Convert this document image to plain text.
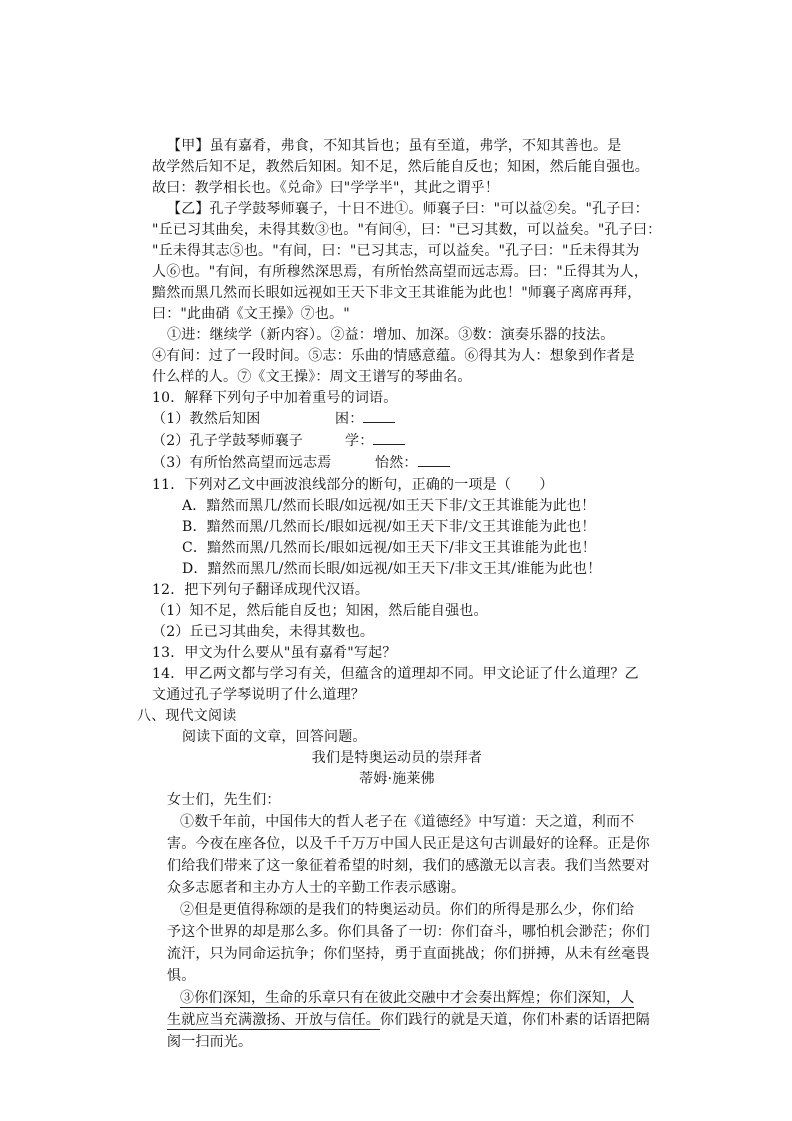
【甲】虽有嘉肴，弗食，不知其旨也；虽有至道，弗学，不知其善也。是
故学然后知不足，教然后知困。知不足，然后能自反也；知困，然后能自强也。
故曰：教学相长也。《兑命》曰"学学半"，其此之谓乎！
【乙】孔子学鼓琴师襄子，十日不进①。师襄子曰："可以益②矣。"孔子曰：
"丘已习其曲矣，未得其数③也。"有间④，曰："已习其数，可以益矣。"孔子曰：
"丘未得其志⑤也。"有间，曰："已习其志，可以益矣。"孔子曰："丘未得其为
人⑥也。"有间，有所穆然深思焉，有所怡然高望而远志焉。曰："丘得其为人，
黯然而黑几然而长眼如远视如王天下非文王其谁能为此也！"师襄子离席再拜，
曰："此曲硝《文王操》⑦也。"
①进：继续学（新内容）。②益：增加、加深。③数：演奏乐器的技法。
④有间：过了一段时间。⑤志：乐曲的情感意蕴。⑥得其为人：想象到作者是
什么样的人。⑦《文王操》：周文王谱写的琴曲名。
10．解释下列句子中加着重号的词语。
（1）教然后知困	困：
（2）孔子学鼓琴师襄子	学：
（3）有所怡然高望而远志焉	怡然：
11．下列对乙文中画波浪线部分的断句，正确的一项是（　　）
A．黯然而黑几/然而长眼/如远视/如王天下非/文王其谁能为此也！
B．黯然而黑/几然而长/眼如远视/如王天下非/文王其谁能为此也！
C．黯然而黑/几然而长/眼如远视/如王天下/非文王其谁能为此也！
D．黯然而黑几/然而长眼/如远视/如王天下/非文王其/谁能为此也！
12．把下列句子翻译成现代汉语。
（1）知不足，然后能自反也；知困，然后能自强也。
（2）丘已习其曲矣，未得其数也。
13．甲文为什么要从"虽有嘉肴"写起？
14．甲乙两文都与学习有关，但蕴含的道理却不同。甲文论证了什么道理？乙
文通过孔子学琴说明了什么道理？
八、现代文阅读
阅读下面的文章，回答问题。
我们是特奥运动员的崇拜者
蒂姆·施莱佛
女士们，先生们：
①数千年前，中国伟大的哲人老子在《道德经》中写道：天之道，利而不
害。今夜在座各位，以及千千万万中国人民正是这句古训最好的诠释。正是你
们给我们带来了这一象征着希望的时刻，我们的感激无以言表。我们当然要对
众多志愿者和主办方人士的辛勤工作表示感谢。
②但是更值得称颂的是我们的特奥运动员。你们的所得是那么少，你们给
予这个世界的却是那么多。你们具备了一切：你们奋斗，哪怕机会渺茫；你们
流汗，只为同命运抗争；你们坚持，勇于直面挑战；你们拼搏，从未有丝毫畏
惧。
③你们深知，生命的乐章只有在彼此交融中才会奏出辉煌；你们深知，人
生就应当充满激扬、开放与信任。你们践行的就是天道，你们朴素的话语把隔
阂一扫而光。
